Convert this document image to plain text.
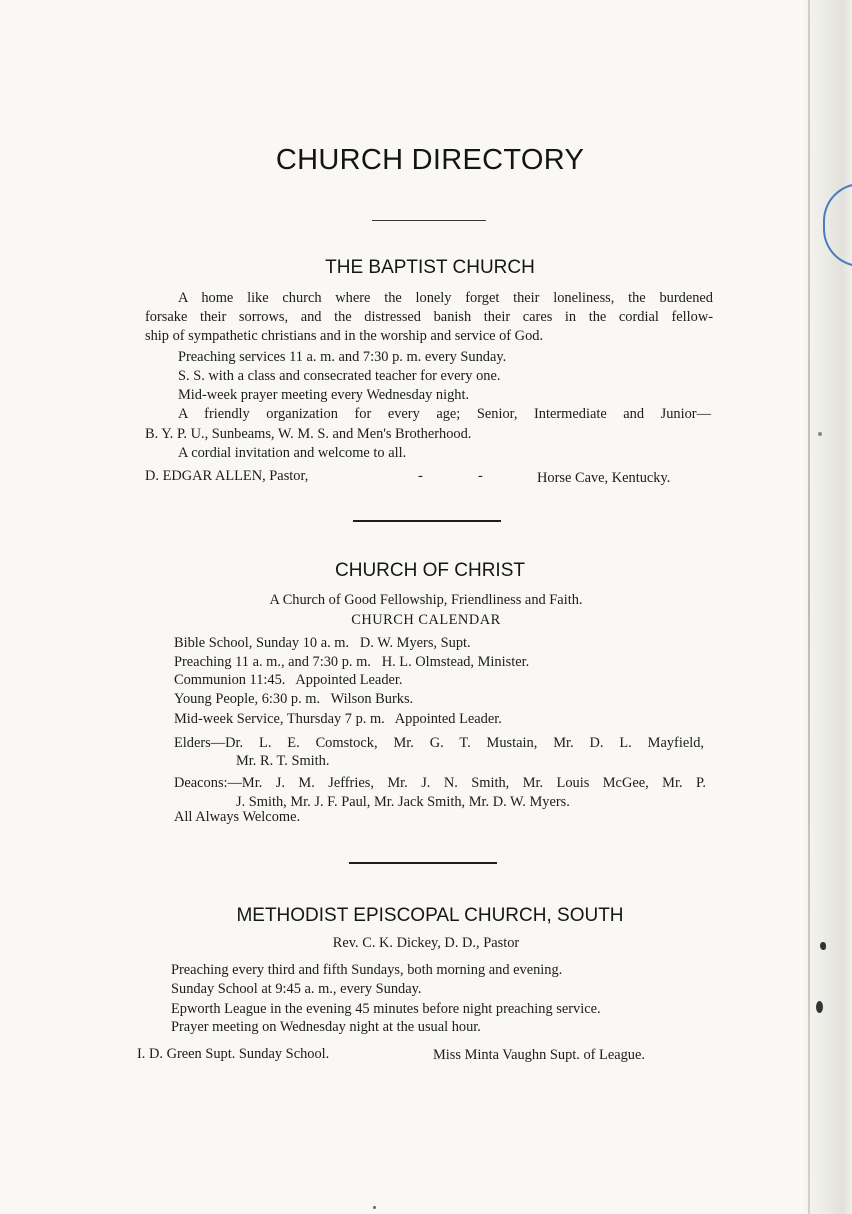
CHURCH DIRECTORY
THE BAPTIST CHURCH
A home like church where the lonely forget their loneliness, the burdened
forsake their sorrows, and the distressed banish their cares in the cordial fellow-
ship of sympathetic christians and in the worship and service of God.
Preaching services 11 a. m. and 7:30 p. m. every Sunday.
S. S. with a class and consecrated teacher for every one.
Mid-week prayer meeting every Wednesday night.
A friendly organization for every age; Senior, Intermediate and Junior—
B. Y. P. U., Sunbeams, W. M. S. and Men's Brotherhood.
A cordial invitation and welcome to all.
D. EDGAR ALLEN, Pastor,	-	-	Horse Cave, Kentucky.
CHURCH OF CHRIST
A Church of Good Fellowship, Friendliness and Faith.
CHURCH CALENDAR
Bible School, Sunday 10 a. m.   D. W. Myers, Supt.
Preaching 11 a. m., and 7:30 p. m.   H. L. Olmstead, Minister.
Communion 11:45.   Appointed Leader.
Young People, 6:30 p. m.   Wilson Burks.
Mid-week Service, Thursday 7 p. m.   Appointed Leader.
Elders—Dr. L. E. Comstock, Mr. G. T. Mustain, Mr. D. L. Mayfield,
Mr. R. T. Smith.
Deacons:—Mr. J. M. Jeffries, Mr. J. N. Smith, Mr. Louis McGee, Mr. P.
J. Smith, Mr. J. F. Paul, Mr. Jack Smith, Mr. D. W. Myers.
All Always Welcome.
METHODIST EPISCOPAL CHURCH, SOUTH
Rev. C. K. Dickey, D. D., Pastor
Preaching every third and fifth Sundays, both morning and evening.
Sunday School at 9:45 a. m., every Sunday.
Epworth League in the evening 45 minutes before night preaching service.
Prayer meeting on Wednesday night at the usual hour.
I. D. Green Supt. Sunday School.	Miss Minta Vaughn Supt. of League.
